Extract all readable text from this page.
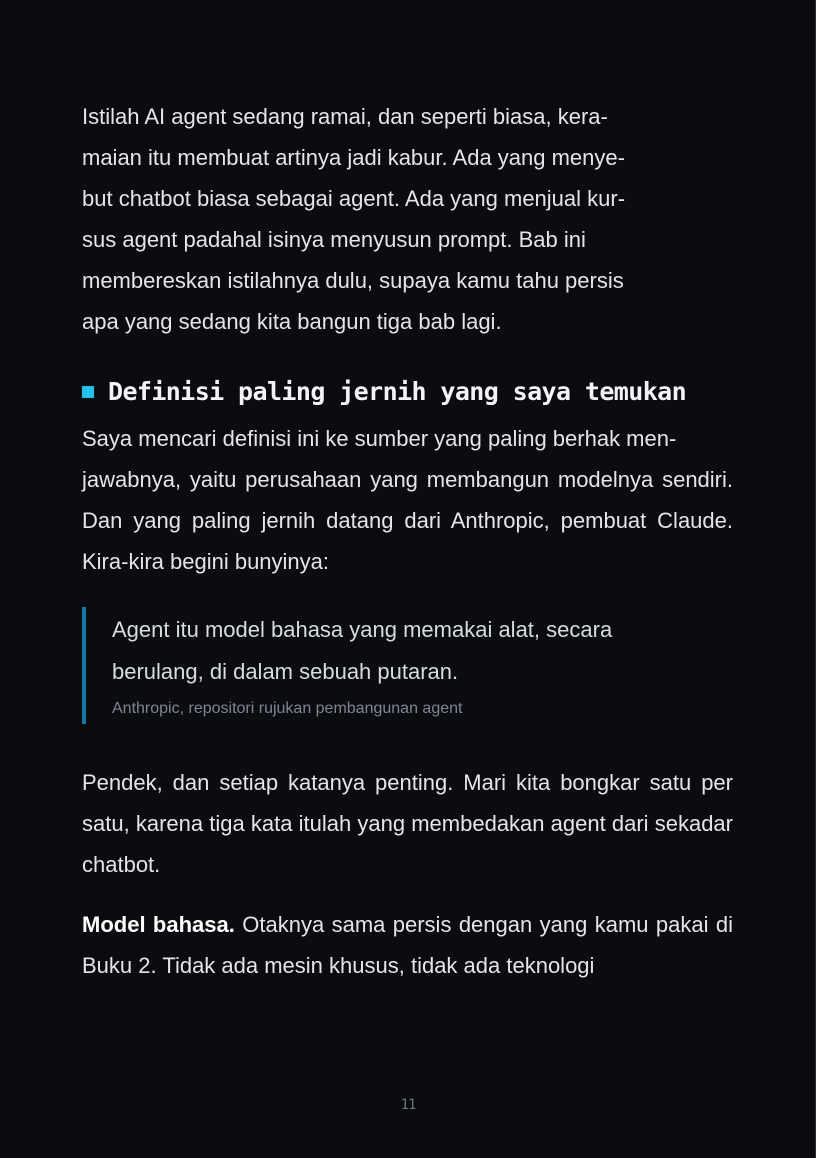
Istilah AI agent sedang ramai, dan seperti biasa, kera-
maian itu membuat artinya jadi kabur. Ada yang menye-
but chatbot biasa sebagai agent. Ada yang menjual kur-
sus agent padahal isinya menyusun prompt. Bab ini
membereskan istilahnya dulu, supaya kamu tahu persis
apa yang sedang kita bangun tiga bab lagi.

Definisi paling jernih yang saya temukan

Saya mencari definisi ini ke sumber yang paling berhak men-
jawabnya, yaitu perusahaan yang membangun modelnya sendiri. Dan yang paling jernih datang dari Anthropic, pembuat Claude. Kira-kira begini bunyinya:

Agent itu model bahasa yang memakai alat, secara
berulang, di dalam sebuah putaran.
Anthropic, repositori rujukan pembangunan agent

Pendek, dan setiap katanya penting. Mari kita bongkar satu per satu, karena tiga kata itulah yang membedakan agent dari sekadar chatbot.

Model bahasa. Otaknya sama persis dengan yang kamu pakai di Buku 2. Tidak ada mesin khusus, tidak ada teknologi

11
